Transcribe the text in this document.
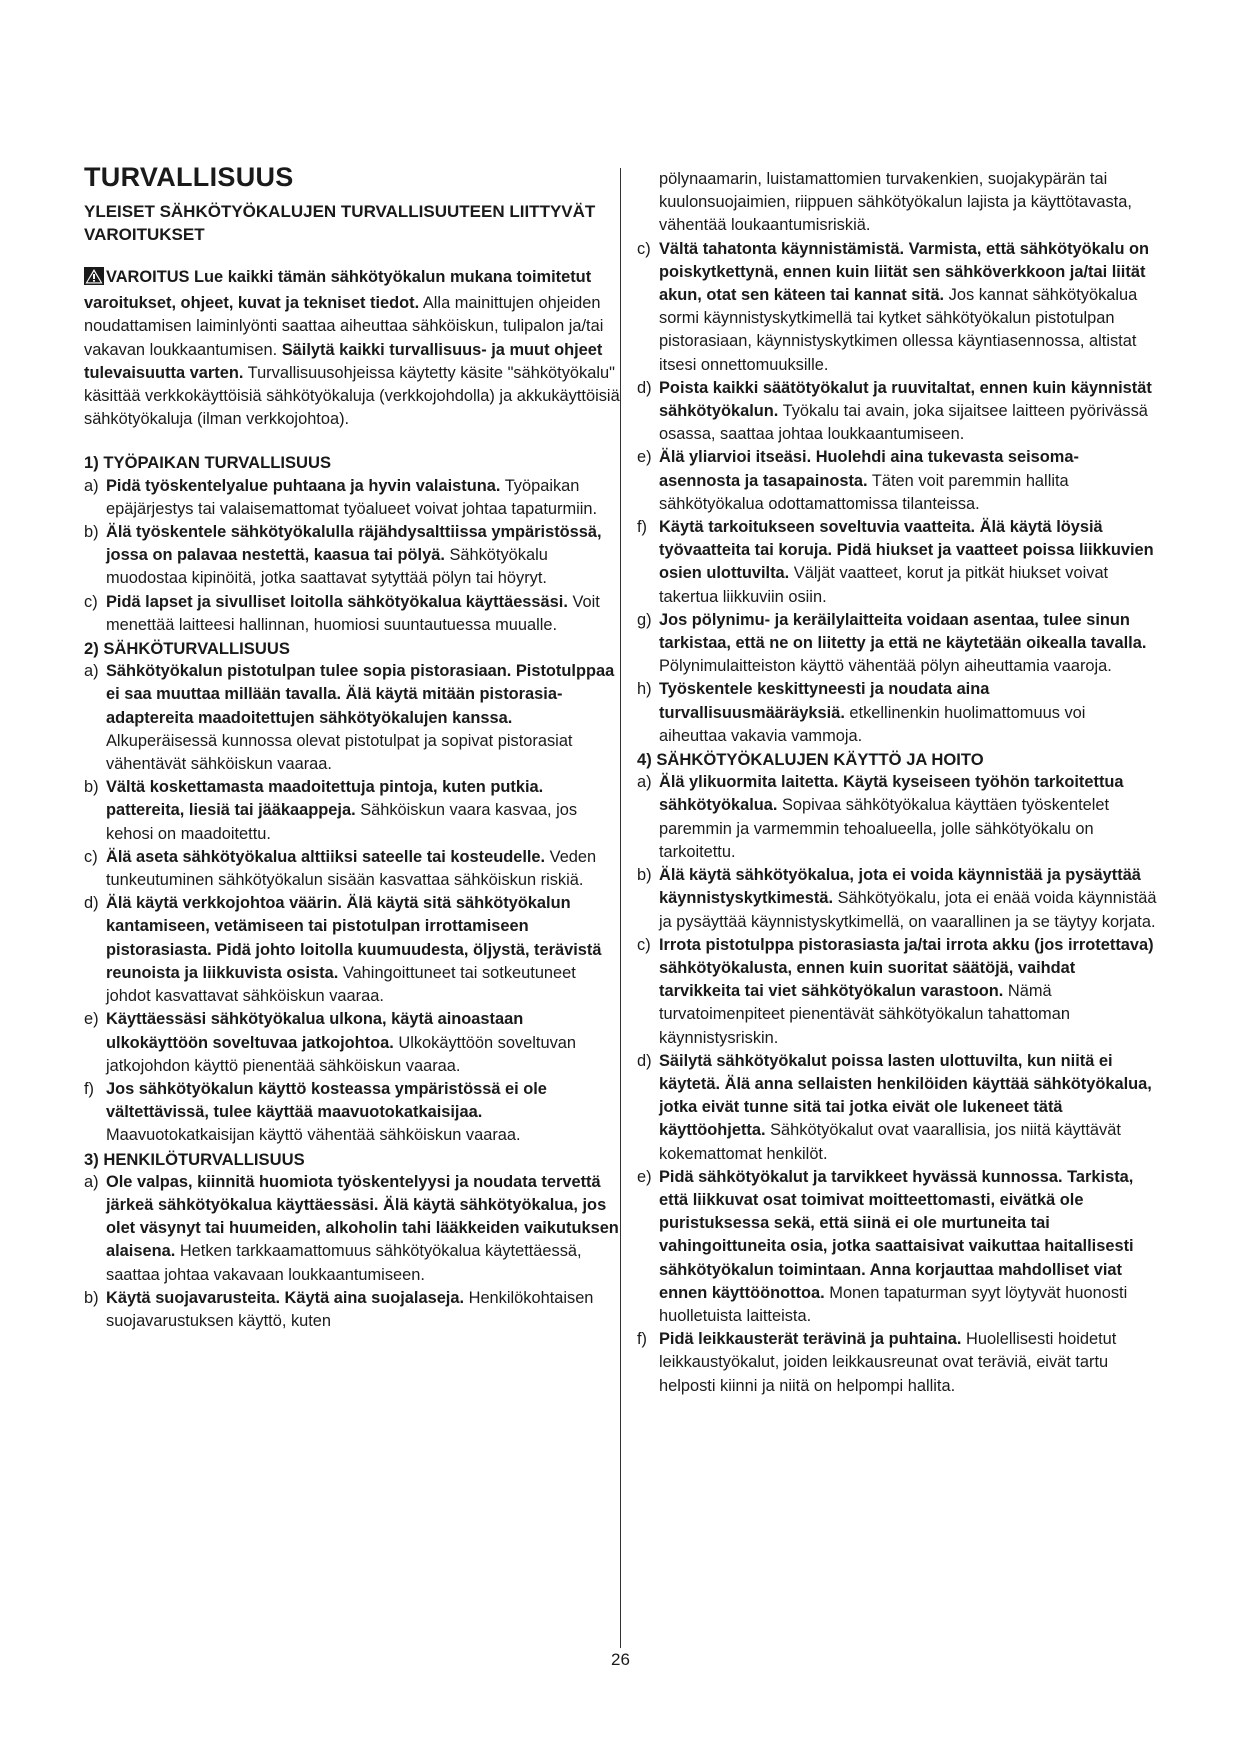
TURVALLISUUS
YLEISET SÄHKÖTYÖKALUJEN TURVALLISUUTEEN LIITTYVÄT VAROITUKSET

VAROITUS Lue kaikki tämän sähkötyökalun mukana toimitetut varoitukset, ohjeet, kuvat ja tekniset tiedot. Alla mainittujen ohjeiden noudattamisen laiminlyönti saattaa aiheuttaa sähköiskun, tulipalon ja/tai vakavan loukkaantumisen. Säilytä kaikki turvallisuus- ja muut ohjeet tulevaisuutta varten. Turvallisuusohjeissa käytetty käsite "sähkötyökalu" käsittää verkkokäyttöisiä sähkötyökaluja (verkkojohdolla) ja akkukäyttöisiä sähkötyökaluja (ilman verkkojohtoa).

1) TYÖPAIKAN TURVALLISUUS

a) Pidä työskentelyalue puhtaana ja hyvin valaistuna. Työpaikan epäjärjestys tai valaisemattomat työalueet voivat johtaa tapaturmiin.

b) Älä työskentele sähkötyökalulla räjähdysalttiissa ympäristössä, jossa on palavaa nestettä, kaasua tai pölyä. Sähkötyökalu muodostaa kipinöitä, jotka saattavat sytyttää pölyn tai höyryt.

c) Pidä lapset ja sivulliset loitolla sähkötyökalua käyttäessäsi. Voit menettää laitteesi hallinnan, huomiosi suuntautuessa muualle.

2) SÄHKÖTURVALLISUUS

a) Sähkötyökalun pistotulpan tulee sopia pistorasiaan. Pistotulppaa ei saa muuttaa millään tavalla. Älä käytä mitään pistorasia-adaptereita maadoitettujen sähkötyökalujen kanssa. Alkuperäisessä kunnossa olevat pistotulpat ja sopivat pistorasiat vähentävät sähköiskun vaaraa.

b) Vältä koskettamasta maadoitettuja pintoja, kuten putkia. pattereita, liesiä tai jääkaappeja. Sähköiskun vaara kasvaa, jos kehosi on maadoitettu.

c) Älä aseta sähkötyökalua alttiiksi sateelle tai kosteudelle. Veden tunkeutuminen sähkötyökalun sisään kasvattaa sähköiskun riskiä.

d) Älä käytä verkkojohtoa väärin. Älä käytä sitä sähkötyökalun kantamiseen, vetämiseen tai pistotulpan irrottamiseen pistorasiasta. Pidä johto loitolla kuumuudesta, öljystä, terävistä reunoista ja liikkuvista osista. Vahingoittuneet tai sotkeutuneet johdot kasvattavat sähköiskun vaaraa.

e) Käyttäessäsi sähkötyökalua ulkona, käytä ainoastaan ulkokäyttöön soveltuvaa jatkojohtoa. Ulkokäyttöön soveltuvan jatkojohdon käyttö pienentää sähköiskun vaaraa.

f) Jos sähkötyökalun käyttö kosteassa ympäristössä ei ole vältettävissä, tulee käyttää maavuotokatkaisijaa. Maavuotokatkaisijan käyttö vähentää sähköiskun vaaraa.

3) HENKILÖTURVALLISUUS

a) Ole valpas, kiinnitä huomiota työskentelyysi ja noudata tervettä järkeä sähkötyökalua käyttäessäsi. Älä käytä sähkötyökalua, jos olet väsynyt tai huumeiden, alkoholin tahi lääkkeiden vaikutuksen alaisena. Hetken tarkkaamattomuus sähkötyökalua käytettäessä, saattaa johtaa vakavaan loukkaantumiseen.

b) Käytä suojavarusteita. Käytä aina suojalaseja. Henkilökohtaisen suojavarustuksen käyttö, kuten

pölynaamarin, luistamattomien turvakenkien, suojakypärän tai kuulonsuojaimien, riippuen sähkötyökalun lajista ja käyttötavasta, vähentää loukaantumisriskiä.

c) Vältä tahatonta käynnistämistä. Varmista, että sähkötyökalu on poiskytkettynä, ennen kuin liität sen sähköverkkoon ja/tai liität akun, otat sen käteen tai kannat sitä. Jos kannat sähkötyökalua sormi käynnistyskytkimellä tai kytket sähkötyökalun pistotulpan pistorasiaan, käynnistyskytkimen ollessa käyntiasennossa, altistat itsesi onnettomuuksille.

d) Poista kaikki säätötyökalut ja ruuvitaltat, ennen kuin käynnistät sähkötyökalun. Työkalu tai avain, joka sijaitsee laitteen pyörivässä osassa, saattaa johtaa loukkaantumiseen.

e) Älä yliarvioi itseäsi. Huolehdi aina tukevasta seisoma-asennosta ja tasapainosta. Täten voit paremmin hallita sähkötyökalua odottamattomissa tilanteissa.

f) Käytä tarkoitukseen soveltuvia vaatteita. Älä käytä löysiä työvaatteita tai koruja. Pidä hiukset ja vaatteet poissa liikkuvien osien ulottuvilta. Väljät vaatteet, korut ja pitkät hiukset voivat takertua liikkuviin osiin.

g) Jos pölynimu- ja keräilylaitteita voidaan asentaa, tulee sinun tarkistaa, että ne on liitetty ja että ne käytetään oikealla tavalla. Pölynimulaitteiston käyttö vähentää pölyn aiheuttamia vaaroja.

h) Työskentele keskittyneesti ja noudata aina turvallisuusmääräyksiä. etkellinenkin huolimattomuus voi aiheuttaa vakavia vammoja.

4) SÄHKÖTYÖKALUJEN KÄYTTÖ JA HOITO

a) Älä ylikuormita laitetta. Käytä kyseiseen työhön tarkoitettua sähkötyökalua. Sopivaa sähkötyökalua käyttäen työskentelet paremmin ja varmemmin tehoalueella, jolle sähkötyökalu on tarkoitettu.

b) Älä käytä sähkötyökalua, jota ei voida käynnistää ja pysäyttää käynnistyskytkimestä. Sähkötyökalu, jota ei enää voida käynnistää ja pysäyttää käynnistyskytkimellä, on vaarallinen ja se täytyy korjata.

c) Irrota pistotulppa pistorasiasta ja/tai irrota akku (jos irrotettava) sähkötyökalusta, ennen kuin suoritat säätöjä, vaihdat tarvikkeita tai viet sähkötyökalun varastoon. Nämä turvatoimenpiteet pienentävät sähkötyökalun tahattoman käynnistysriskin.

d) Säilytä sähkötyökalut poissa lasten ulottuvilta, kun niitä ei käytetä. Älä anna sellaisten henkilöiden käyttää sähkötyökalua, jotka eivät tunne sitä tai jotka eivät ole lukeneet tätä käyttöohjetta. Sähkötyökalut ovat vaarallisia, jos niitä käyttävät kokemattomat henkilöt.

e) Pidä sähkötyökalut ja tarvikkeet hyvässä kunnossa. Tarkista, että liikkuvat osat toimivat moitteettomasti, eivätkä ole puristuksessa sekä, että siinä ei ole murtuneita tai vahingoittuneita osia, jotka saattaisivat vaikuttaa haitallisesti sähkötyökalun toimintaan. Anna korjauttaa mahdolliset viat ennen käyttöönottoa. Monen tapaturman syyt löytyvät huonosti huolletuista laitteista.

f) Pidä leikkausterät terävinä ja puhtaina. Huolellisesti hoidetut leikkaustyökalut, joiden leikkausreunat ovat teräviä, eivät tartu helposti kiinni ja niitä on helpompi hallita.

26
